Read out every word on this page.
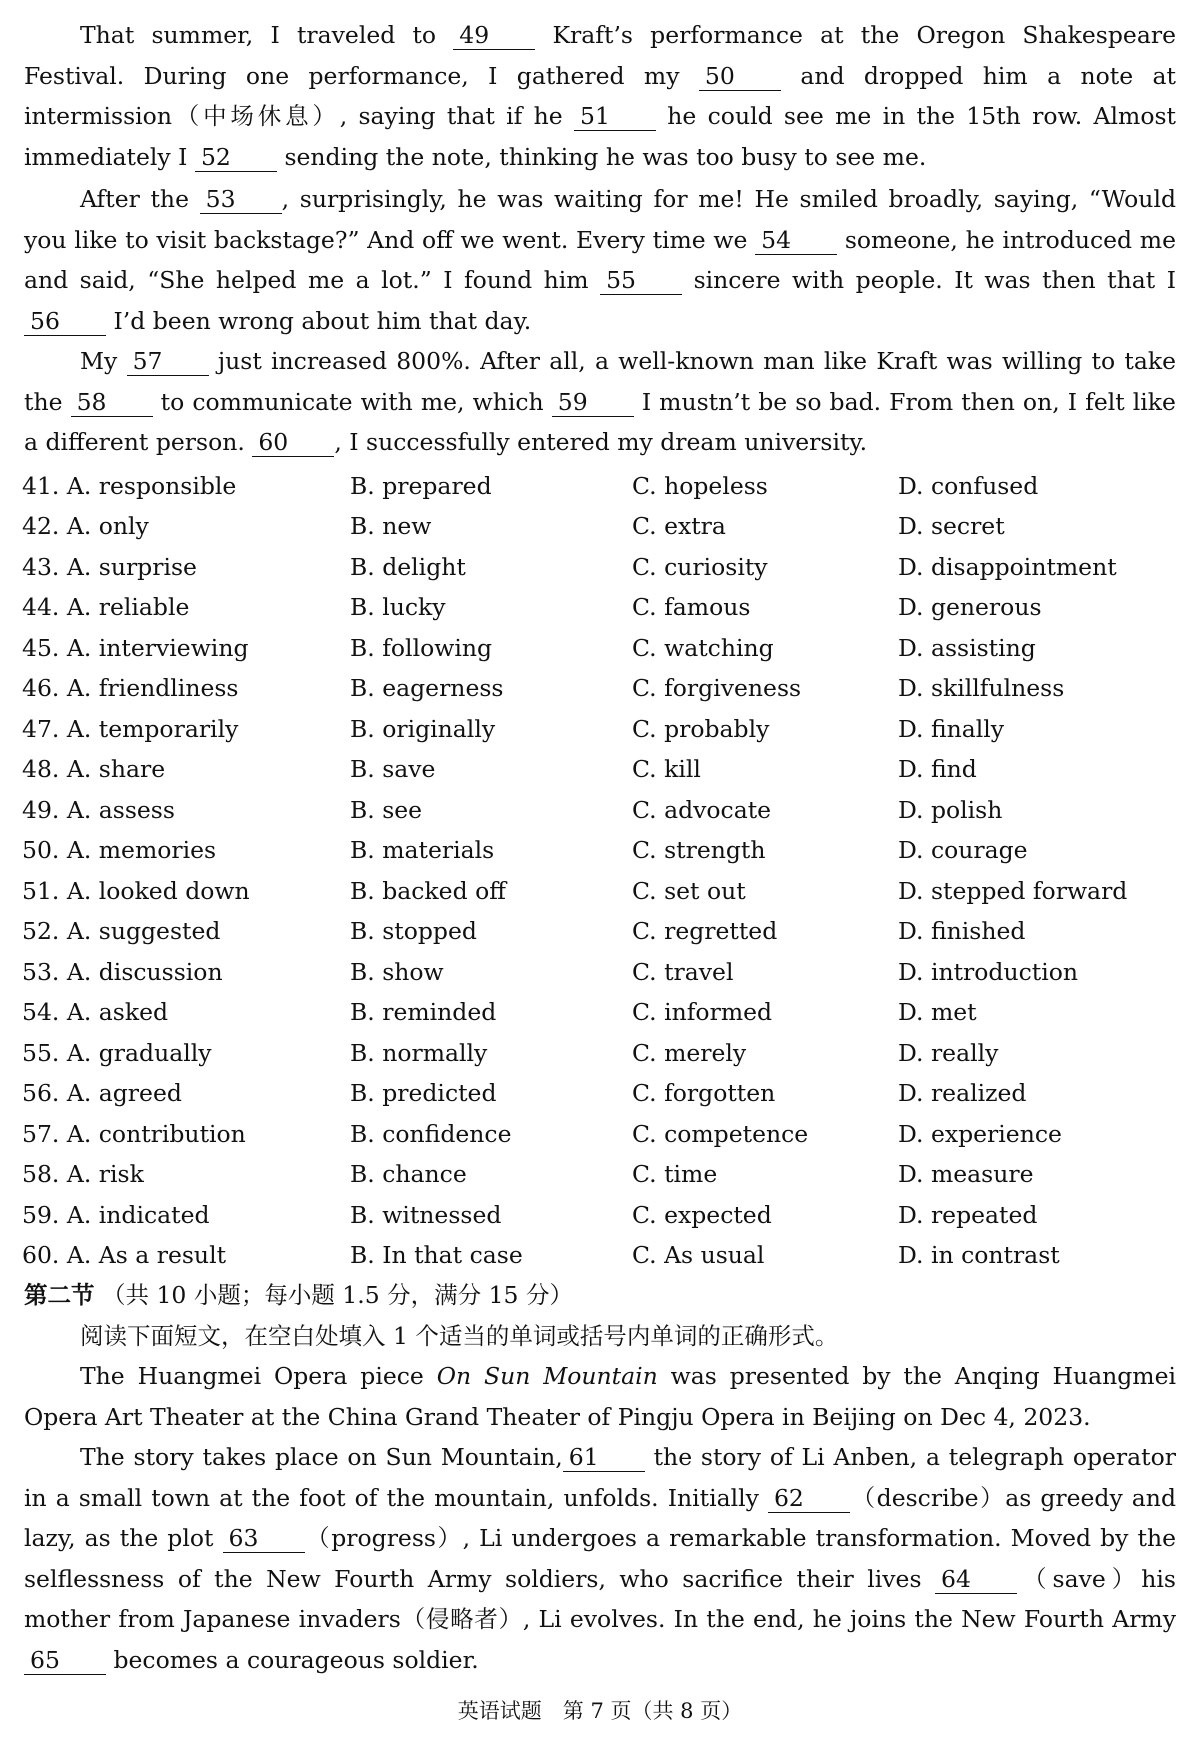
That summer, I traveled to 49	Kraft’s performance at the Oregon Shakespeare Festival. During one performance, I gathered my 50	and dropped him a note at intermission（中场休息）, saying that if he 51 he could see me in the 15th row. Almost immediately I 52 sending the note, thinking he was too busy to see me.
After the 53 , surprisingly, he was waiting for me! He smiled broadly, saying, “Would you like to visit backstage?” And off we went. Every time we 54 someone, he introduced me and said, “She helped me a lot.” I found him 55 sincere with people. It was then that I 56 I’d been wrong about him that day.
My 57 just increased 800%. After all, a well-known man like Kraft was willing to take the 58 to communicate with me, which 59 I mustn’t be so bad. From then on, I felt like a different person. 60 , I successfully entered my dream university.
41. A. responsible	B. prepared	C. hopeless	D. confused
42. A. only	B. new	C. extra	D. secret
43. A. surprise	B. delight	C. curiosity	D. disappointment
44. A. reliable	B. lucky	C. famous	D. generous
45. A. interviewing	B. following	C. watching	D. assisting
46. A. friendliness	B. eagerness	C. forgiveness	D. skillfulness
47. A. temporarily	B. originally	C. probably	D. finally
48. A. share	B. save	C. kill	D. find
49. A. assess	B. see	C. advocate	D. polish
50. A. memories	B. materials	C. strength	D. courage
51. A. looked down	B. backed off	C. set out	D. stepped forward
52. A. suggested	B. stopped	C. regretted	D. finished
53. A. discussion	B. show	C. travel	D. introduction
54. A. asked	B. reminded	C. informed	D. met
55. A. gradually	B. normally	C. merely	D. really
56. A. agreed	B. predicted	C. forgotten	D. realized
57. A. contribution	B. confidence	C. competence	D. experience
58. A. risk	B. chance	C. time	D. measure
59. A. indicated	B. witnessed	C. expected	D. repeated
60. A. As a result	B. In that case	C. As usual	D. in contrast
第二节 （共 10 小题；每小题 1.5 分，满分 15 分）
阅读下面短文，在空白处填入 1 个适当的单词或括号内单词的正确形式。
The Huangmei Opera piece On Sun Mountain was presented by the Anqing Huangmei Opera Art Theater at the China Grand Theater of Pingju Opera in Beijing on Dec 4, 2023.
The story takes place on Sun Mountain, 61 the story of Li Anben, a telegraph operator in a small town at the foot of the mountain, unfolds. Initially 62 （describe）as greedy and lazy, as the plot 63 （progress）, Li undergoes a remarkable transformation. Moved by the selflessness of the New Fourth Army soldiers, who sacrifice their lives 64 （save）his mother from Japanese invaders（侵略者）, Li evolves. In the end, he joins the New Fourth Army 65 becomes a courageous soldier.
英语试题　第 7 页（共 8 页）
